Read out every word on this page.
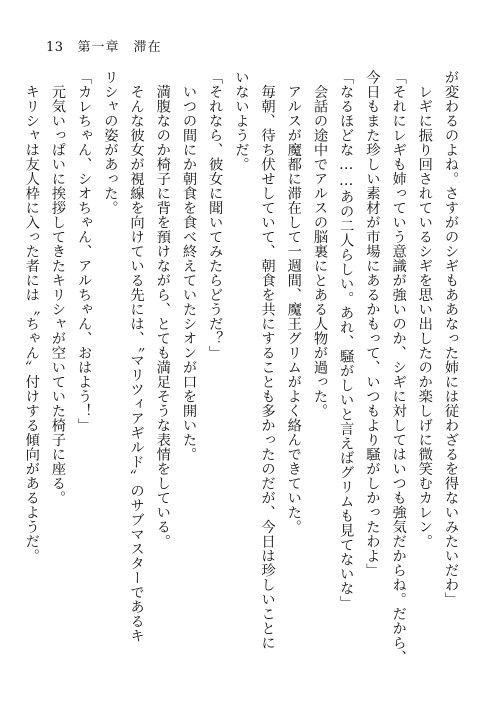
13 第一章　滞在
が変わるのよね。さすがのシギもああなった姉には従わざるを得ないみたいだわ」
　レギに振り回されているシギを思い出したのか楽しげに微笑むカレン。
「それにレギも姉っていう意識が強いのか、シギに対してはいつも強気だからね。だから、
今日もまた珍しい素材が市場にあるかもって、いつもより騒がしかったわよ」
「なるほどな……あの二人らしい。あれ、騒がしいと言えばグリムも見てないな」
　会話の途中でアルスの脳裏にとある人物が過った。
　アルスが魔都に滞在して一週間、魔王グリムがよく絡んできていた。
　毎朝、待ち伏せしていて、朝食を共にすることも多かったのだが、今日は珍しいことに
いないようだ。
「それなら、彼女に聞いてみたらどうだ？」
　いつの間にか朝食を食べ終えていたシオンが口を開いた。
　満腹なのか椅子に背を預けながら、とても満足そうな表情をしている。
　そんな彼女が視線を向けている先には、〝マリツィアギルド〟のサブマスターであるキ
リシャの姿があった。
「カレちゃん、シオちゃん、アルちゃん、おはよう！」
　元気いっぱいに挨拶してきたキリシャが空いていた椅子に座る。
　キリシャは友人枠に入った者には〝ちゃん〟付けする傾向があるようだ。
